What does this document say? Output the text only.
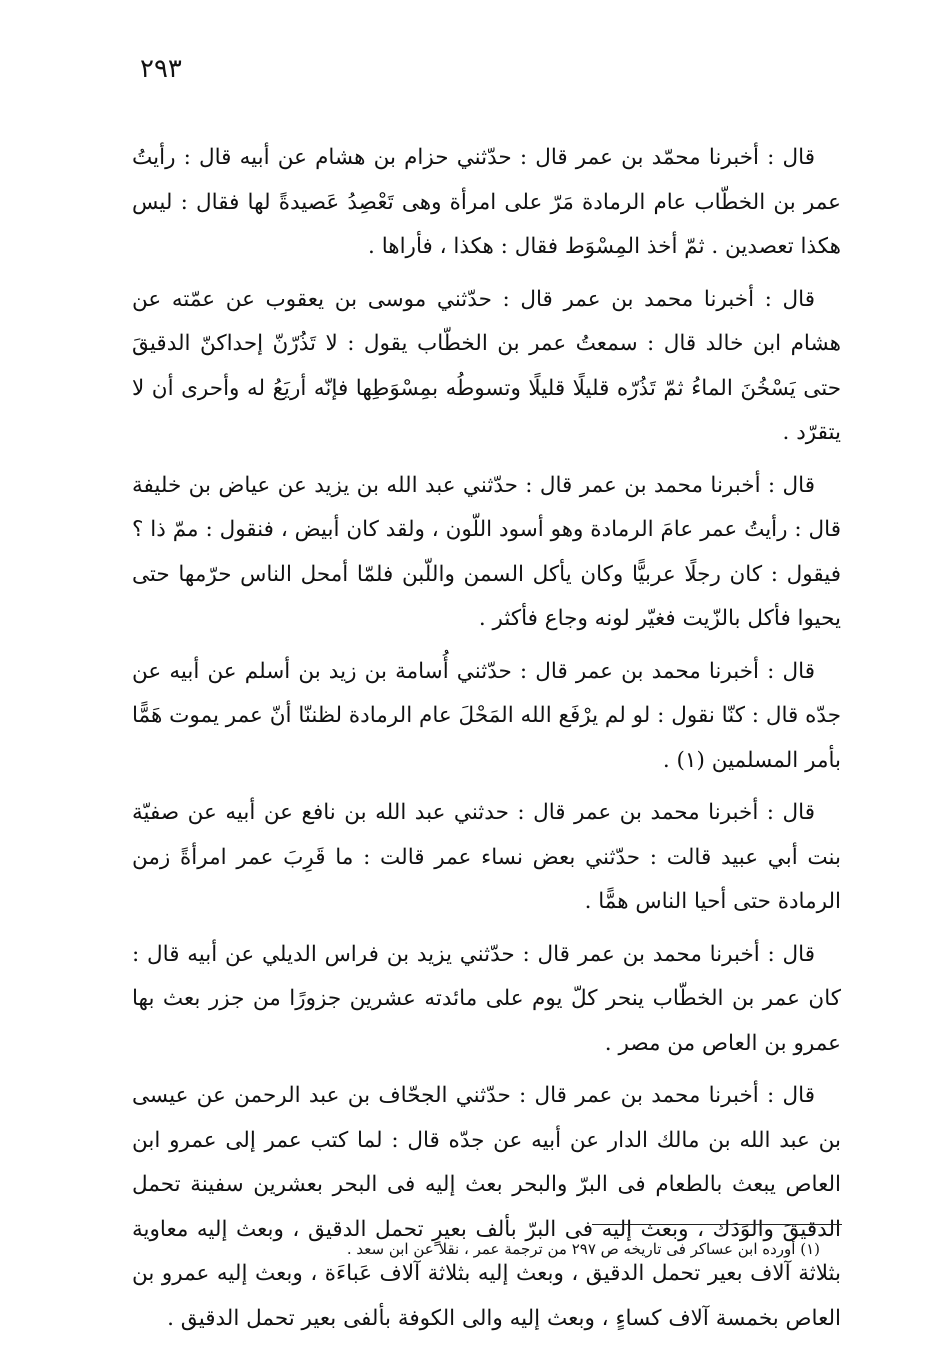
٢٩٣

قال : أخبرنا محمّد بن عمر قال : حدّثني حزام بن هشام عن أبيه قال : رأيتُ عمر بن الخطّاب عام الرمادة مَرّ على امرأة وهى تَعْصِدُ عَصيدةً لها فقال : ليس هكذا تعصدين . ثمّ أخذ المِسْوَط فقال : هكذا ، فأراها .

قال : أخبرنا محمد بن عمر قال : حدّثني موسى بن يعقوب عن عمّته عن هشام ابن خالد قال : سمعتُ عمر بن الخطّاب يقول : لا تَذُرّنّ إحداكنّ الدقيقَ حتى يَسْخُنَ الماءُ ثمّ تَذُرّه قليلًا قليلًا وتسوطُه بمِسْوَطِها فإنّه أريَعُ له وأحرى أن لا يتقرّد .

قال : أخبرنا محمد بن عمر قال : حدّثني عبد الله بن يزيد عن عياض بن خليفة قال : رأيتُ عمر عامَ الرمادة وهو أسود اللّون ، ولقد كان أبيض ، فنقول : ممّ ذا ؟ فيقول : كان رجلًا عربيًّا وكان يأكل السمن واللّبن فلمّا أمحل الناس حرّمها حتى يحيوا فأكل بالزّيت فغيّر لونه وجاع فأكثر .

قال : أخبرنا محمد بن عمر قال : حدّثني أُسامة بن زيد بن أسلم عن أبيه عن جدّه قال : كنّا نقول : لو لم يرْفَع الله المَحْلَ عام الرمادة لظننّا أنّ عمر يموت هَمًّا بأمر المسلمين (١) .

قال : أخبرنا محمد بن عمر قال : حدثني عبد الله بن نافع عن أبيه عن صفيّة بنت أبي عبيد قالت : حدّثني بعض نساء عمر قالت : ما قَرِبَ عمر امرأةً زمن الرمادة حتى أحيا الناس همًّا .

قال : أخبرنا محمد بن عمر قال : حدّثني يزيد بن فراس الديلي عن أبيه قال : كان عمر بن الخطّاب ينحر كلّ يوم على مائدته عشرين جزورًا من جزر بعث بها عمرو بن العاص من مصر .

قال : أخبرنا محمد بن عمر قال : حدّثني الجحّاف بن عبد الرحمن عن عيسى بن عبد الله بن مالك الدار عن أبيه عن جدّه قال : لما كتب عمر إلى عمرو ابن العاص يبعث بالطعام فى البرّ والبحر بعث إليه فى البحر بعشرين سفينة تحمل الدقيقَ والوَدَك ، وبعث إليه فى البرّ بألف بعيرٍ تحمل الدقيق ، وبعث إليه معاوية بثلاثة آلاف بعير تحمل الدقيق ، وبعث إليه بثلاثة آلاف عَباءَة ، وبعث إليه عمرو بن العاص بخمسة آلاف كساءٍ ، وبعث إليه والى الكوفة بألفى بعير تحمل الدقيق .

(١) أورده ابن عساكر فى تاريخه ص ٢٩٧ من ترجمة عمر ، نقلا عن ابن سعد .
